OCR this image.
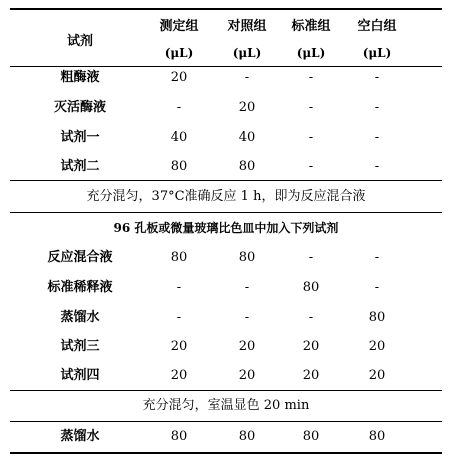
试剂
测定组	对照组	标准组	空白组
(μL)	(μL)	(μL)	(μL)
粗酶液	20	-	-	-
灭活酶液	-	20	-	-
试剂一	40	40	-	-
试剂二	80	80	-	-
充分混匀，37°C准确反应 1 h，即为反应混合液
96 孔板或微量玻璃比色皿中加入下列试剂
反应混合液	80	80	-	-
标准稀释液	-	-	80	-
蒸馏水	-	-	-	80
试剂三	20	20	20	20
试剂四	20	20	20	20
充分混匀，室温显色 20 min
蒸馏水	80	80	80	80
